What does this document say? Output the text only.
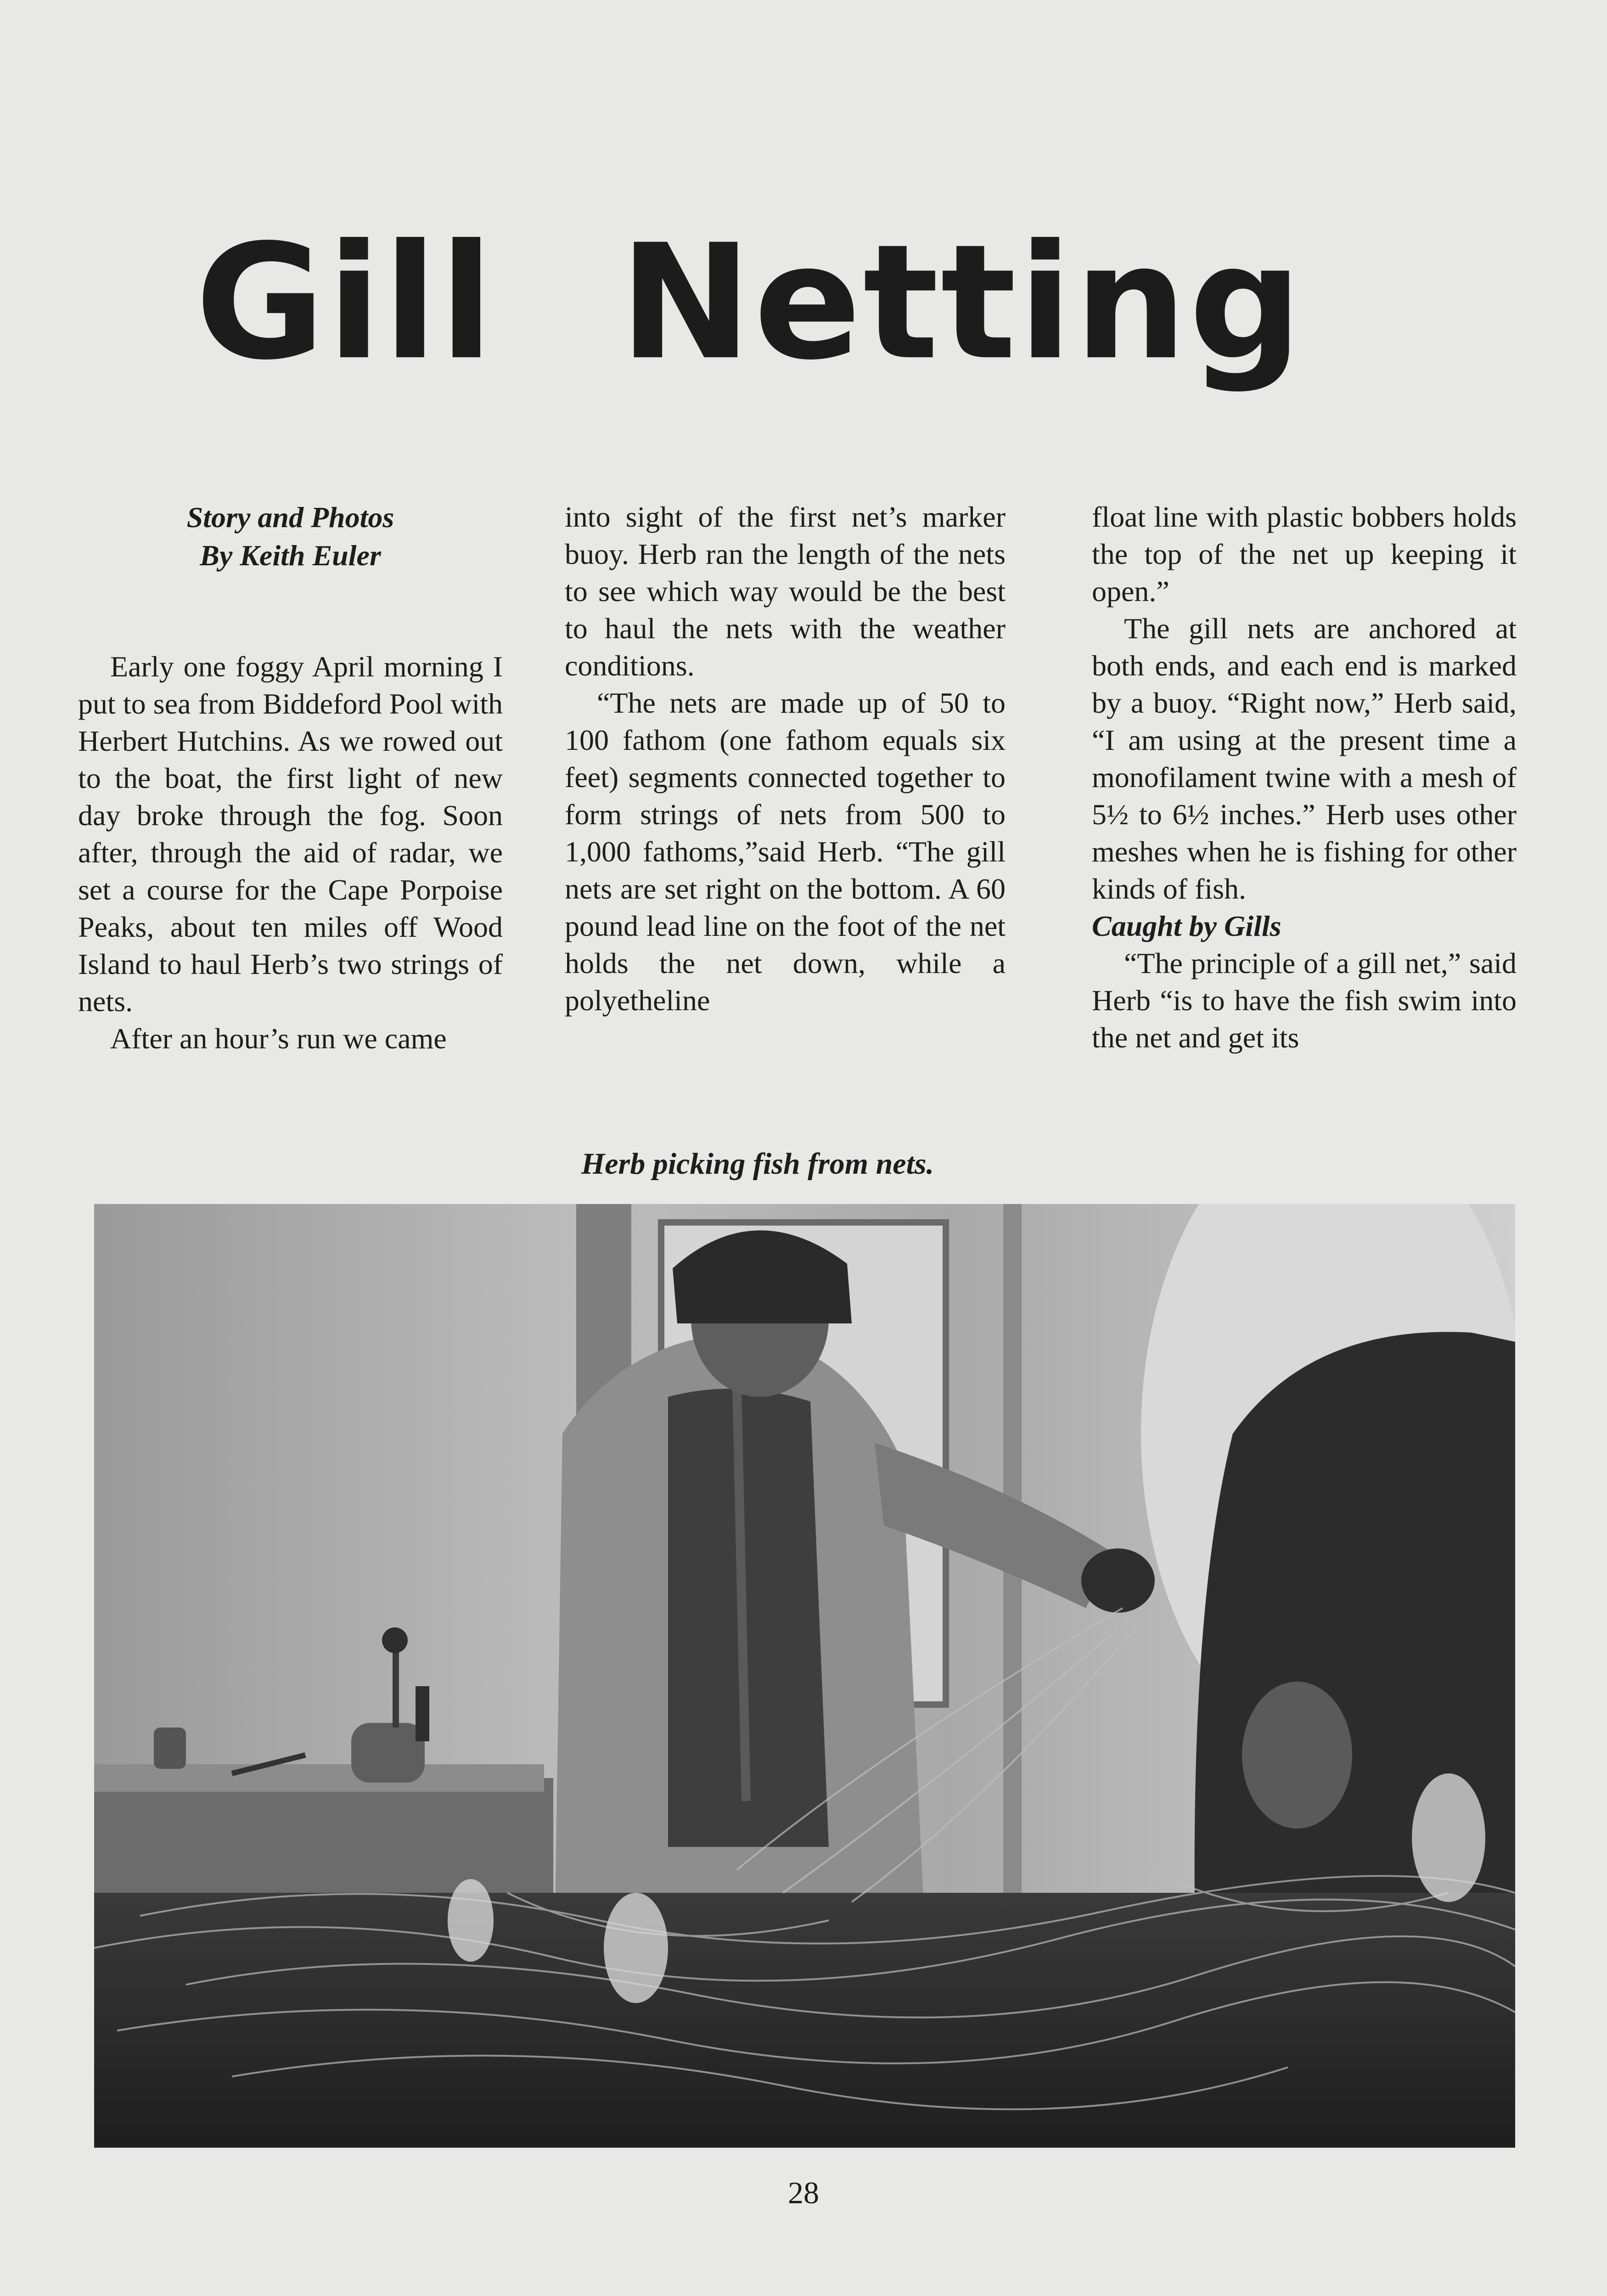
Gill Netting
Story and Photos
By Keith Euler

Early one foggy April morning I put to sea from Biddeford Pool with Herbert Hutchins. As we rowed out to the boat, the first light of new day broke through the fog. Soon after, through the aid of radar, we set a course for the Cape Porpoise Peaks, about ten miles off Wood Island to haul Herb’s two strings of nets.

After an hour’s run we came

into sight of the first net’s marker buoy. Herb ran the length of the nets to see which way would be the best to haul the nets with the weather conditions.

“The nets are made up of 50 to 100 fathom (one fathom equals six feet) segments connected together to form strings of nets from 500 to 1,000 fathoms,”said Herb. “The gill nets are set right on the bottom. A 60 pound lead line on the foot of the net holds the net down, while a polyetheline

float line with plastic bobbers holds the top of the net up keeping it open.”

The gill nets are anchored at both ends, and each end is marked by a buoy. “Right now,” Herb said, “I am using at the present time a monofilament twine with a mesh of 5½ to 6½ inches.” Herb uses other meshes when he is fishing for other kinds of fish.

Caught by Gills

“The principle of a gill net,” said Herb “is to have the fish swim into the net and get its

Herb picking fish from nets.
28
